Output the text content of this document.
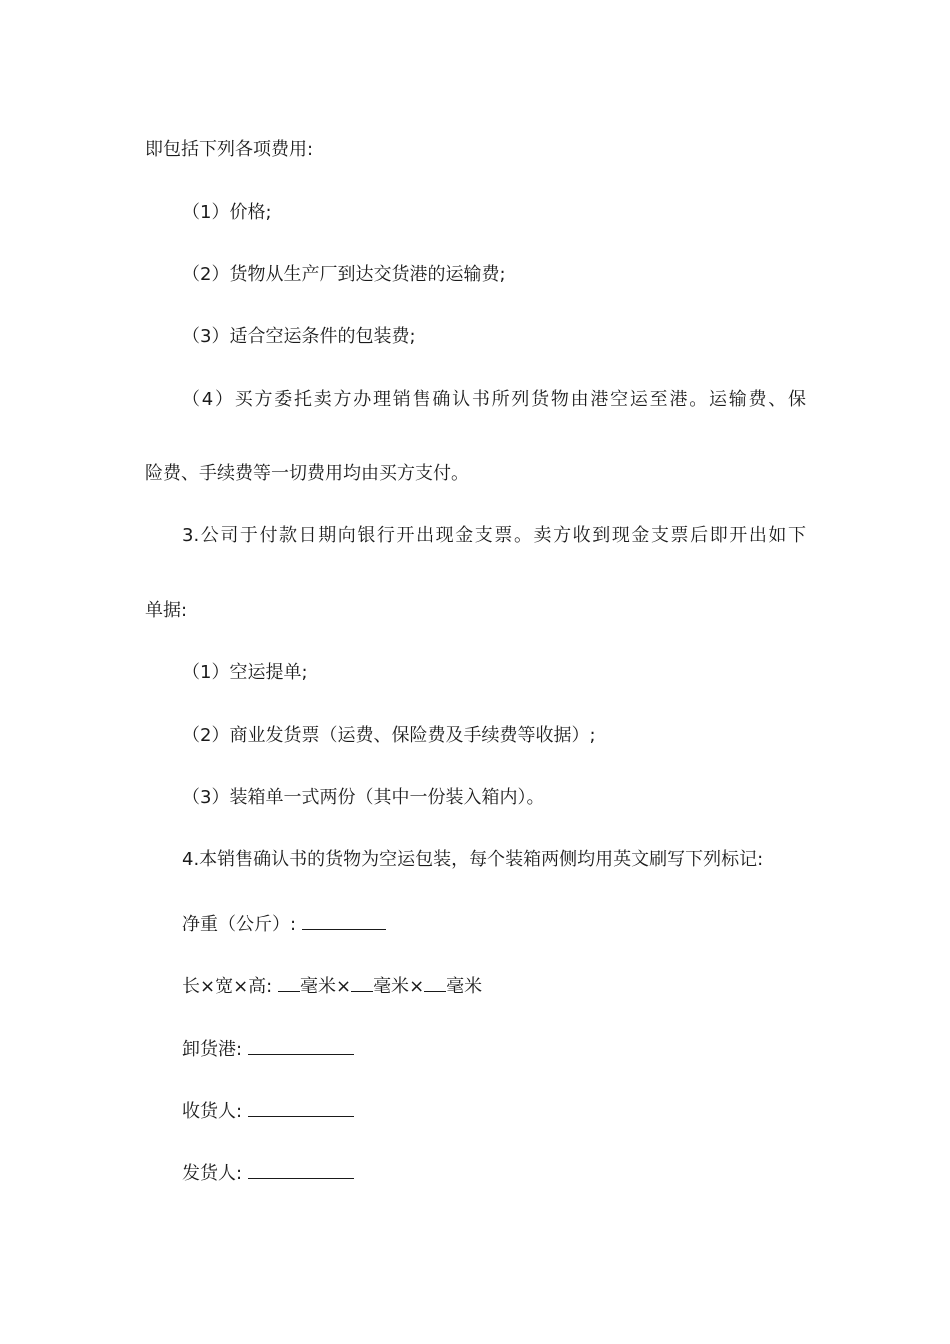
即包括下列各项费用:
（1）价格;
（2）货物从生产厂到达交货港的运输费;
（3）适合空运条件的包装费;
（4）买方委托卖方办理销售确认书所列货物由港空运至港。运输费、保
险费、手续费等一切费用均由买方支付。
3.公司于付款日期向银行开出现金支票。卖方收到现金支票后即开出如下
单据:
（1）空运提单;
（2）商业发货票（运费、保险费及手续费等收据）;
（3）装箱单一式两份（其中一份装入箱内）。
4.本销售确认书的货物为空运包装，每个装箱两侧均用英文刷写下列标记:
净重（公斤）:
长×宽×高: 毫米× 毫米× 毫米
卸货港:
收货人:
发货人:
